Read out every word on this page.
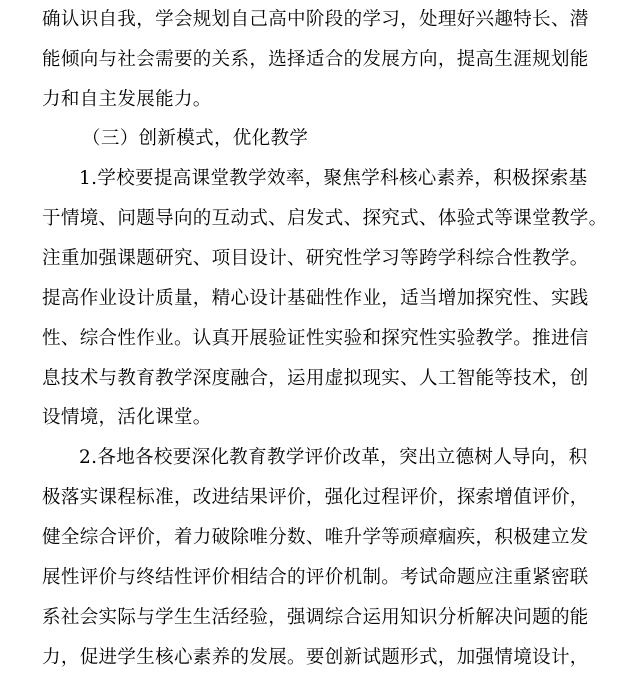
确认识自我，学会规划自己高中阶段的学习，处理好兴趣特长、潜
能倾向与社会需要的关系，选择适合的发展方向，提高生涯规划能
力和自主发展能力。
（三）创新模式，优化教学
1.学校要提高课堂教学效率，聚焦学科核心素养，积极探索基
于情境、问题导向的互动式、启发式、探究式、体验式等课堂教学。
注重加强课题研究、项目设计、研究性学习等跨学科综合性教学。
提高作业设计质量，精心设计基础性作业，适当增加探究性、实践
性、综合性作业。认真开展验证性实验和探究性实验教学。推进信
息技术与教育教学深度融合，运用虚拟现实、人工智能等技术，创
设情境，活化课堂。
2.各地各校要深化教育教学评价改革，突出立德树人导向，积
极落实课程标准，改进结果评价，强化过程评价，探索增值评价，
健全综合评价，着力破除唯分数、唯升学等顽瘴痼疾，积极建立发
展性评价与终结性评价相结合的评价机制。考试命题应注重紧密联
系社会实际与学生生活经验，强调综合运用知识分析解决问题的能
力，促进学生核心素养的发展。要创新试题形式，加强情境设计，
